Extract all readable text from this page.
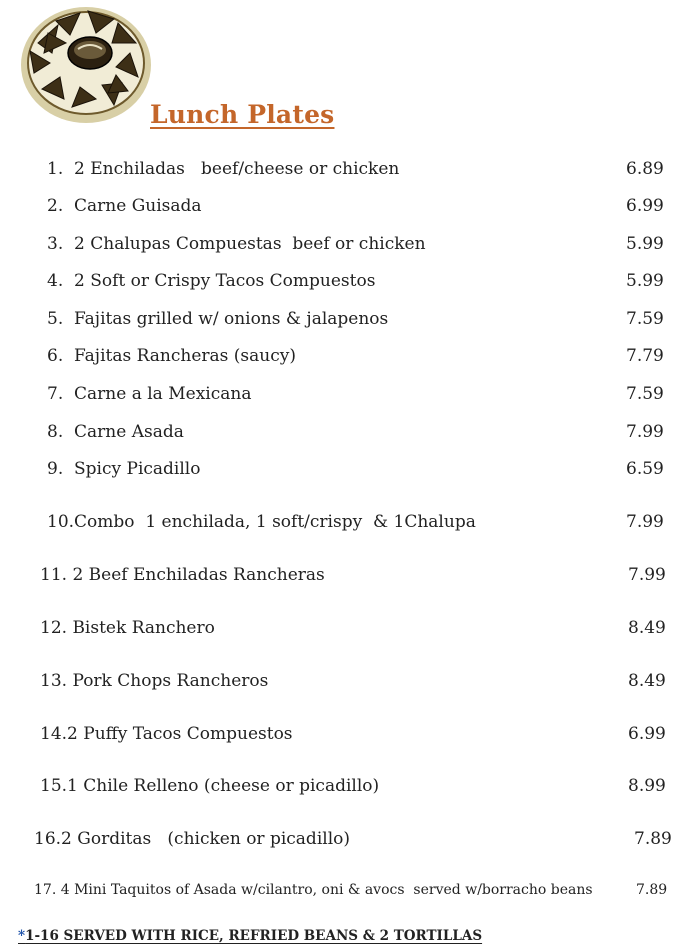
Lunch Plates
1.  2 Enchiladas   beef/cheese or chicken	6.89
2.  Carne Guisada	6.99
3.  2 Chalupas Compuestas  beef or chicken	5.99
4.  2 Soft or Crispy Tacos Compuestos	5.99
5.  Fajitas grilled w/ onions & jalapenos	7.59
6.  Fajitas Rancheras (saucy)	7.79
7.  Carne a la Mexicana	7.59
8.  Carne Asada	7.99
9.  Spicy Picadillo	6.59
10.Combo  1 enchilada, 1 soft/crispy  & 1Chalupa	7.99
11. 2 Beef Enchiladas Rancheras	7.99
12. Bistek Ranchero	8.49
13. Pork Chops Rancheros	8.49
14.2 Puffy Tacos Compuestos	6.99
15.1 Chile Relleno (cheese or picadillo)	8.99
16.2 Gorditas   (chicken or picadillo)	7.89
17. 4 Mini Taquitos of Asada w/cilantro, oni & avocs  served w/borracho beans	7.89
*1-16 SERVED WITH RICE, REFRIED BEANS & 2 TORTILLAS
